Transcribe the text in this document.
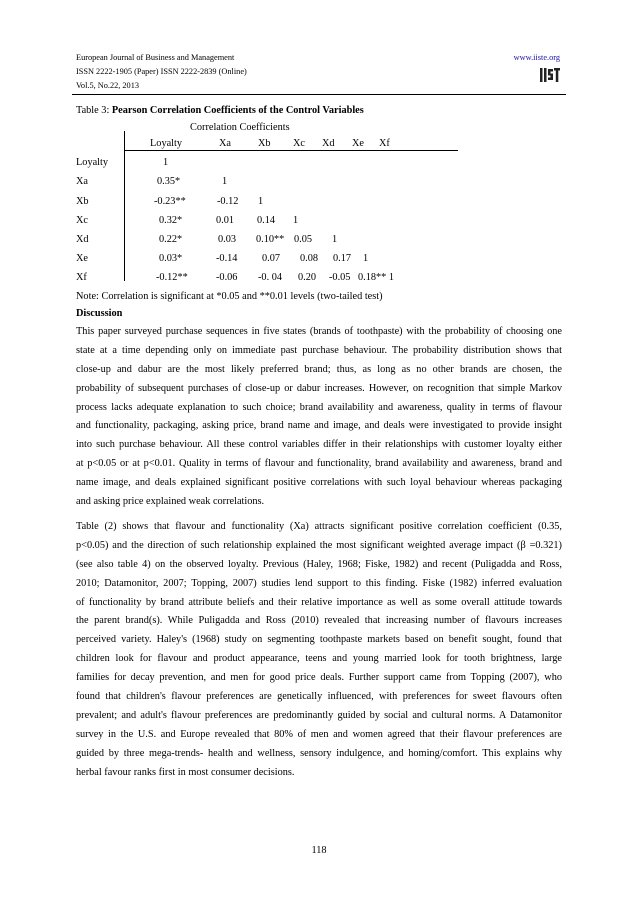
European Journal of Business and Management
ISSN 2222-1905 (Paper) ISSN 2222-2839 (Online)
Vol.5, No.22, 2013
www.iiste.org
Table 3: Pearson Correlation Coefficients of the Control Variables
Correlation Coefficients
Loyalty	Xa	Xb Xc Xd Xe Xf
Loyalty	1
Xa	0.35*	1
Xb	-0.23**	-0.12 1
Xc	0.32*	0.01 0.14 1
Xd	0.22*	0.03 0.10** 0.05 1
Xe	0.03*	-0.14 0.07 0.08 0.17 1
Xf	-0.12**	-0.06 -0. 04 0.20 -0.05 0.18** 1
Note: Correlation is significant at *0.05 and **0.01 levels (two-tailed test)
Discussion
This paper surveyed purchase sequences in five states (brands of toothpaste) with the probability of choosing one
state at a time depending only on immediate past purchase behaviour. The probability distribution shows that
close-up and dabur are the most likely preferred brand; thus, as long as no other brands are chosen, the
probability of subsequent purchases of close-up or dabur increases. However, on recognition that simple Markov
process lacks adequate explanation to such choice; brand availability and awareness, quality in terms of flavour
and functionality, packaging, asking price, brand name and image, and deals were investigated to provide insight
into such purchase behaviour. All these control variables differ in their relationships with customer loyalty either
at p<0.05 or at p<0.01. Quality in terms of flavour and functionality, brand availability and awareness, brand and
name image, and deals explained significant positive correlations with such loyal behaviour whereas packaging
and asking price explained weak correlations.
Table (2) shows that flavour and functionality (Xa) attracts significant positive correlation coefficient (0.35,
p<0.05) and the direction of such relationship explained the most significant weighted average impact (β =0.321)
(see also table 4) on the observed loyalty. Previous (Haley, 1968; Fiske, 1982) and recent (Puligadda and Ross,
2010; Datamonitor, 2007; Topping, 2007) studies lend support to this finding. Fiske (1982) inferred evaluation
of functionality by brand attribute beliefs and their relative importance as well as some overall attitude towards
the parent brand(s). While Puligadda and Ross (2010) revealed that increasing number of flavours increases
perceived variety. Haley's (1968) study on segmenting toothpaste markets based on benefit sought, found that
children look for flavour and product appearance, teens and young married look for tooth brightness, large
families for decay prevention, and men for good price deals. Further support came from Topping (2007), who
found that children's flavour preferences are genetically influenced, with preferences for sweet flavours often
prevalent; and adult's flavour preferences are predominantly guided by social and cultural norms. A Datamonitor
survey in the U.S. and Europe revealed that 80% of men and women agreed that their flavour preferences are
guided by three mega-trends- health and wellness, sensory indulgence, and homing/comfort. This explains why
herbal favour ranks first in most consumer decisions.
118
